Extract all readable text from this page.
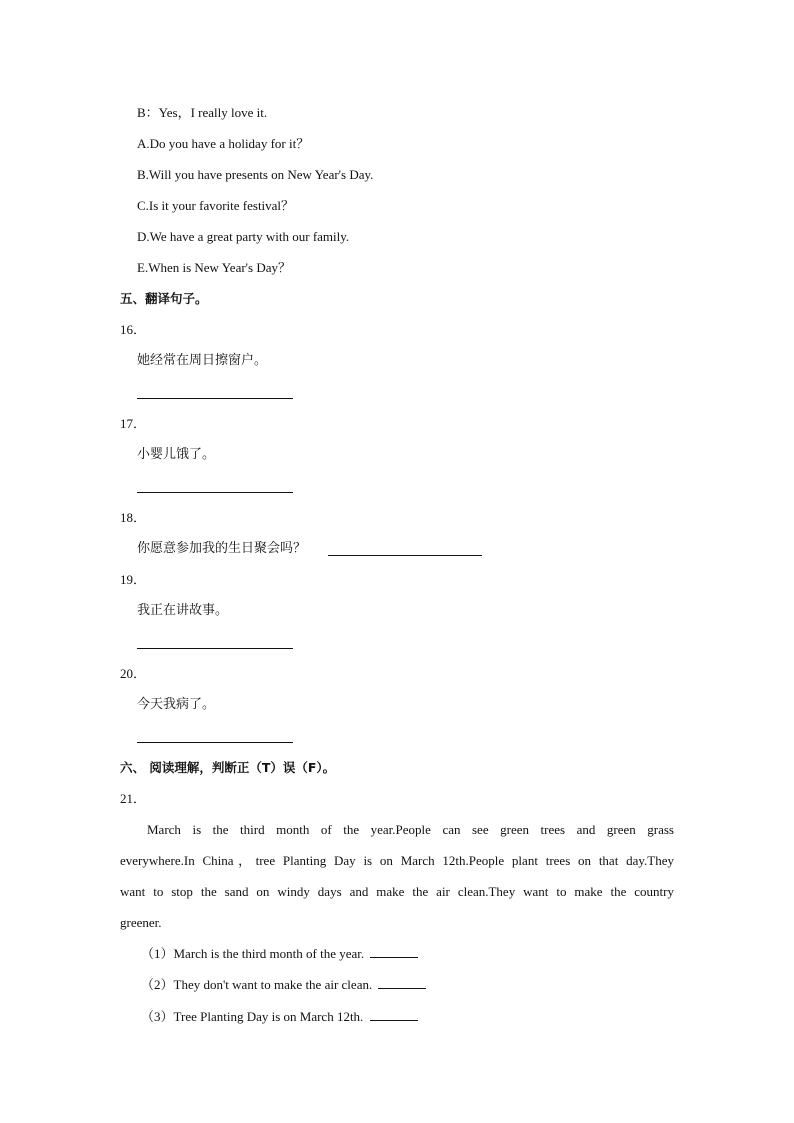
B：Yes，I really love it.
A.Do you have a holiday for it？
B.Will you have presents on New Year's Day.
C.Is it your favorite festival？
D.We have a great party with our family.
E.When is New Year's Day？
五、翻译句子。
16．
她经常在周日擦窗户。
17．
小婴儿饿了。
18．
你愿意参加我的生日聚会吗？
19．
我正在讲故事。
20．
今天我病了。
六、 阅读理解，判断正（T）误（F）。
21．
March is the third month of the year.People can see green trees and green grass
everywhere.In China，tree Planting Day is on March 12th.People plant trees on that day.They
want to stop the sand on windy days and make the air clean.They want to make the country
greener.
（1）March is the third month of the year.
（2）They don't want to make the air clean.
（3）Tree Planting Day is on March 12th.
